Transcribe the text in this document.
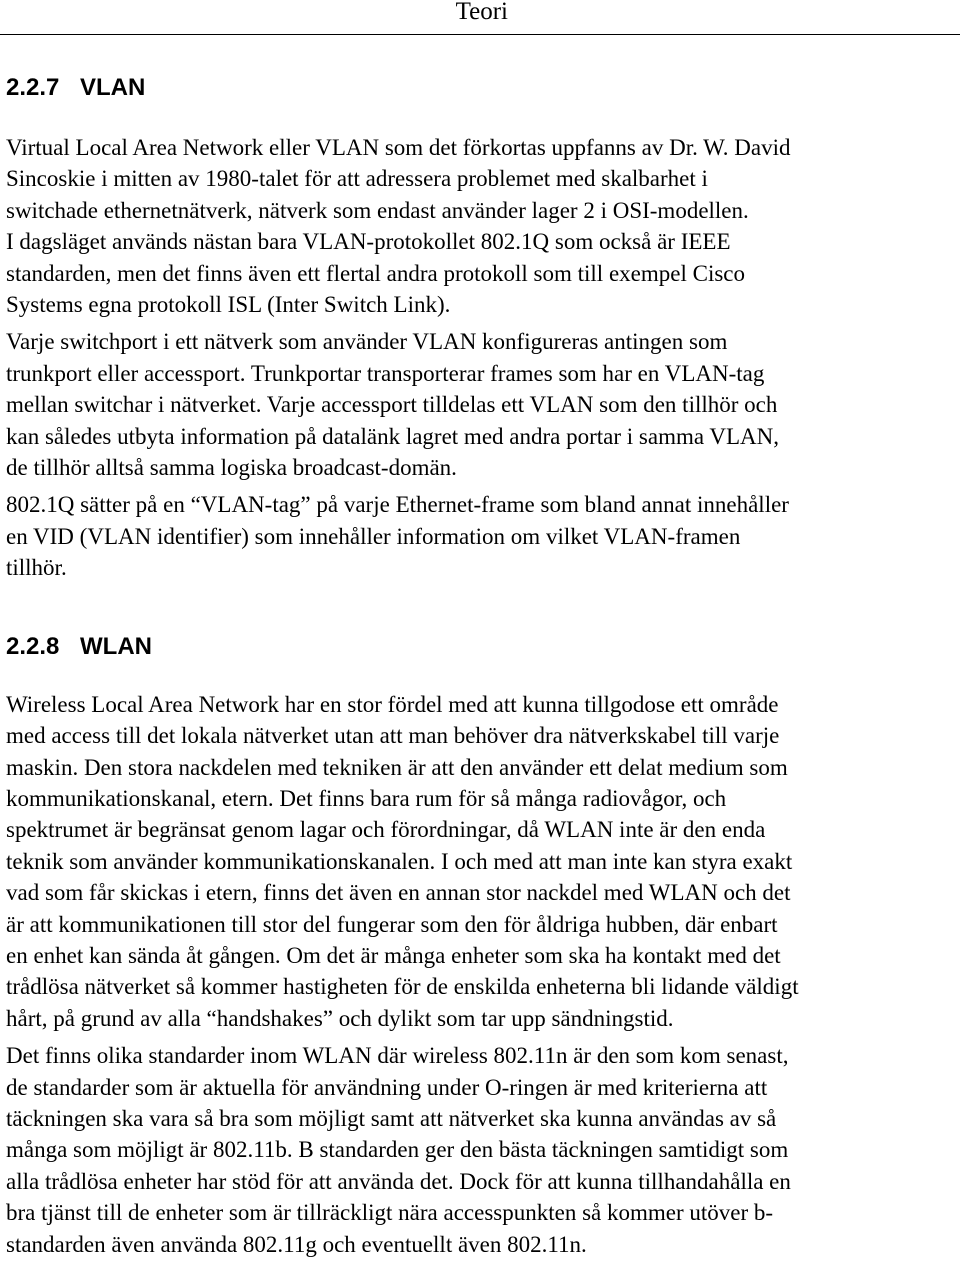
Teori
2.2.7 VLAN

Virtual Local Area Network eller VLAN som det förkortas uppfanns av Dr. W. David
Sincoskie i mitten av 1980-talet för att adressera problemet med skalbarhet i
switchade ethernetnätverk, nätverk som endast använder lager 2 i OSI-modellen.

I dagsläget används nästan bara VLAN-protokollet 802.1Q som också är IEEE
standarden, men det finns även ett flertal andra protokoll som till exempel Cisco
Systems egna protokoll ISL (Inter Switch Link).

Varje switchport i ett nätverk som använder VLAN konfigureras antingen som
trunkport eller accessport. Trunkportar transporterar frames som har en VLAN-tag
mellan switchar i nätverket. Varje accessport tilldelas ett VLAN som den tillhör och
kan således utbyta information på datalänk lagret med andra portar i samma VLAN,
de tillhör alltså samma logiska broadcast-domän.

802.1Q sätter på en “VLAN-tag” på varje Ethernet-frame som bland annat innehåller
en VID (VLAN identifier) som innehåller information om vilket VLAN-framen
tillhör.

2.2.8 WLAN

Wireless Local Area Network har en stor fördel med att kunna tillgodose ett område
med access till det lokala nätverket utan att man behöver dra nätverkskabel till varje
maskin. Den stora nackdelen med tekniken är att den använder ett delat medium som
kommunikationskanal, etern. Det finns bara rum för så många radiovågor, och
spektrumet är begränsat genom lagar och förordningar, då WLAN inte är den enda
teknik som använder kommunikationskanalen. I och med att man inte kan styra exakt
vad som får skickas i etern, finns det även en annan stor nackdel med WLAN och det
är att kommunikationen till stor del fungerar som den för åldriga hubben, där enbart
en enhet kan sända åt gången. Om det är många enheter som ska ha kontakt med det
trådlösa nätverket så kommer hastigheten för de enskilda enheterna bli lidande väldigt
hårt, på grund av alla “handshakes” och dylikt som tar upp sändningstid.

Det finns olika standarder inom WLAN där wireless 802.11n är den som kom senast,
de standarder som är aktuella för användning under O-ringen är med kriterierna att
täckningen ska vara så bra som möjligt samt att nätverket ska kunna användas av så
många som möjligt är 802.11b. B standarden ger den bästa täckningen samtidigt som
alla trådlösa enheter har stöd för att använda det. Dock för att kunna tillhandahålla en
bra tjänst till de enheter som är tillräckligt nära accesspunkten så kommer utöver b-
standarden även använda 802.11g och eventuellt även 802.11n.
